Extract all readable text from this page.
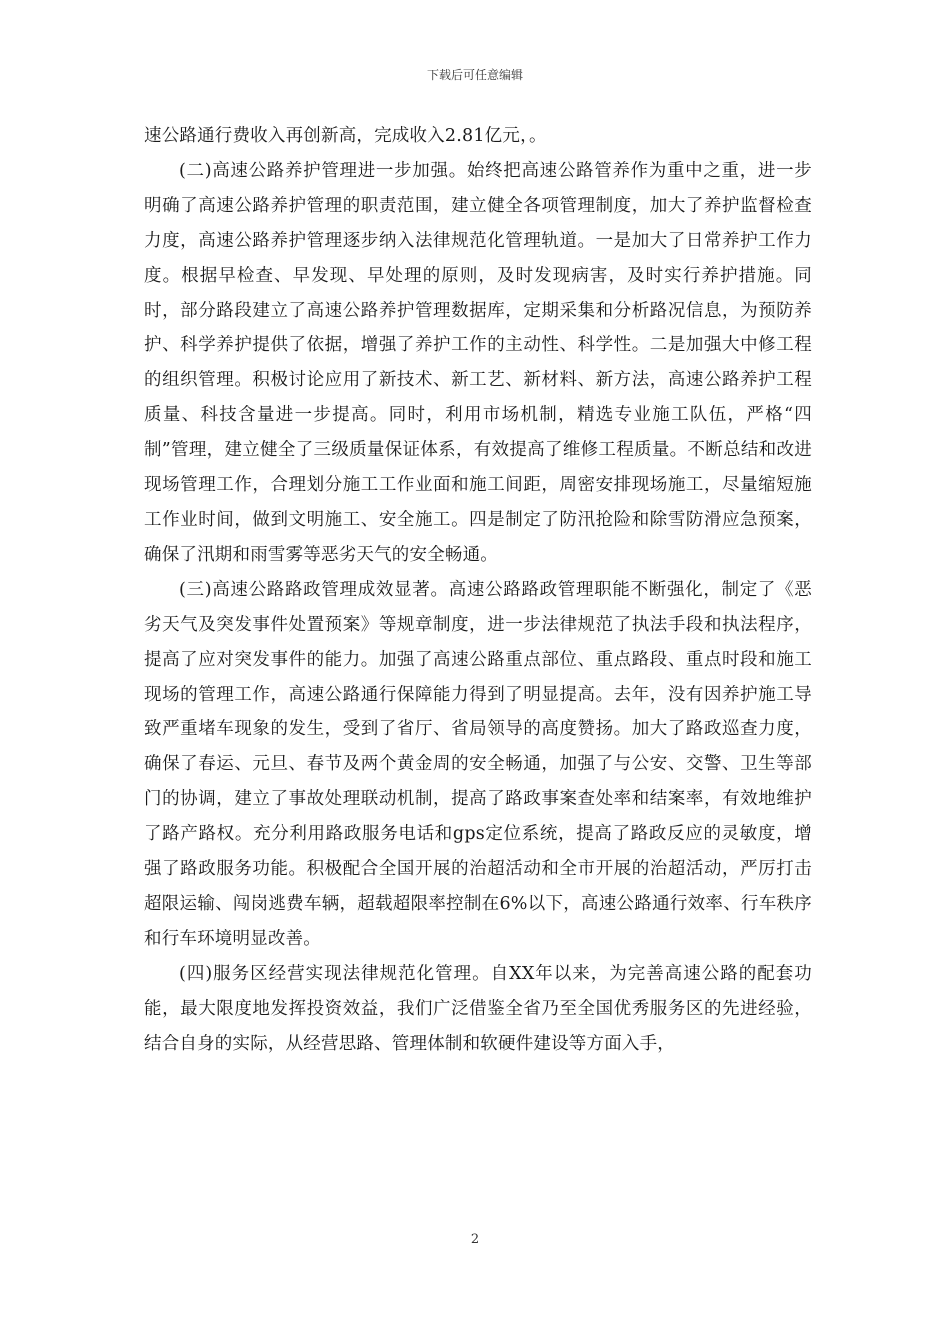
下载后可任意编辑

速公路通行费收入再创新高，完成收入2.81亿元，。

(二)高速公路养护管理进一步加强。始终把高速公路管养作为重中之重，进一步明确了高速公路养护管理的职责范围，建立健全各项管理制度，加大了养护监督检查力度，高速公路养护管理逐步纳入法律规范化管理轨道。一是加大了日常养护工作力度。根据早检查、早发现、早处理的原则，及时发现病害，及时实行养护措施。同时，部分路段建立了高速公路养护管理数据库，定期采集和分析路况信息，为预防养护、科学养护提供了依据，增强了养护工作的主动性、科学性。二是加强大中修工程的组织管理。积极讨论应用了新技术、新工艺、新材料、新方法，高速公路养护工程质量、科技含量进一步提高。同时，利用市场机制，精选专业施工队伍，严格“四制”管理，建立健全了三级质量保证体系，有效提高了维修工程质量。不断总结和改进现场管理工作，合理划分施工工作业面和施工间距，周密安排现场施工，尽量缩短施工作业时间，做到文明施工、安全施工。四是制定了防汛抢险和除雪防滑应急预案，确保了汛期和雨雪雾等恶劣天气的安全畅通。

(三)高速公路路政管理成效显著。高速公路路政管理职能不断强化，制定了《恶劣天气及突发事件处置预案》等规章制度，进一步法律规范了执法手段和执法程序，提高了应对突发事件的能力。加强了高速公路重点部位、重点路段、重点时段和施工现场的管理工作，高速公路通行保障能力得到了明显提高。去年，没有因养护施工导致严重堵车现象的发生，受到了省厅、省局领导的高度赞扬。加大了路政巡查力度，确保了春运、元旦、春节及两个黄金周的安全畅通，加强了与公安、交警、卫生等部门的协调，建立了事故处理联动机制，提高了路政事案查处率和结案率，有效地维护了路产路权。充分利用路政服务电话和gps定位系统，提高了路政反应的灵敏度，增强了路政服务功能。积极配合全国开展的治超活动和全市开展的治超活动，严厉打击超限运输、闯岗逃费车辆，超载超限率控制在6%以下，高速公路通行效率、行车秩序和行车环境明显改善。

(四)服务区经营实现法律规范化管理。自XX年以来，为完善高速公路的配套功能，最大限度地发挥投资效益，我们广泛借鉴全省乃至全国优秀服务区的先进经验，结合自身的实际，从经营思路、管理体制和软硬件建设等方面入手，

2
